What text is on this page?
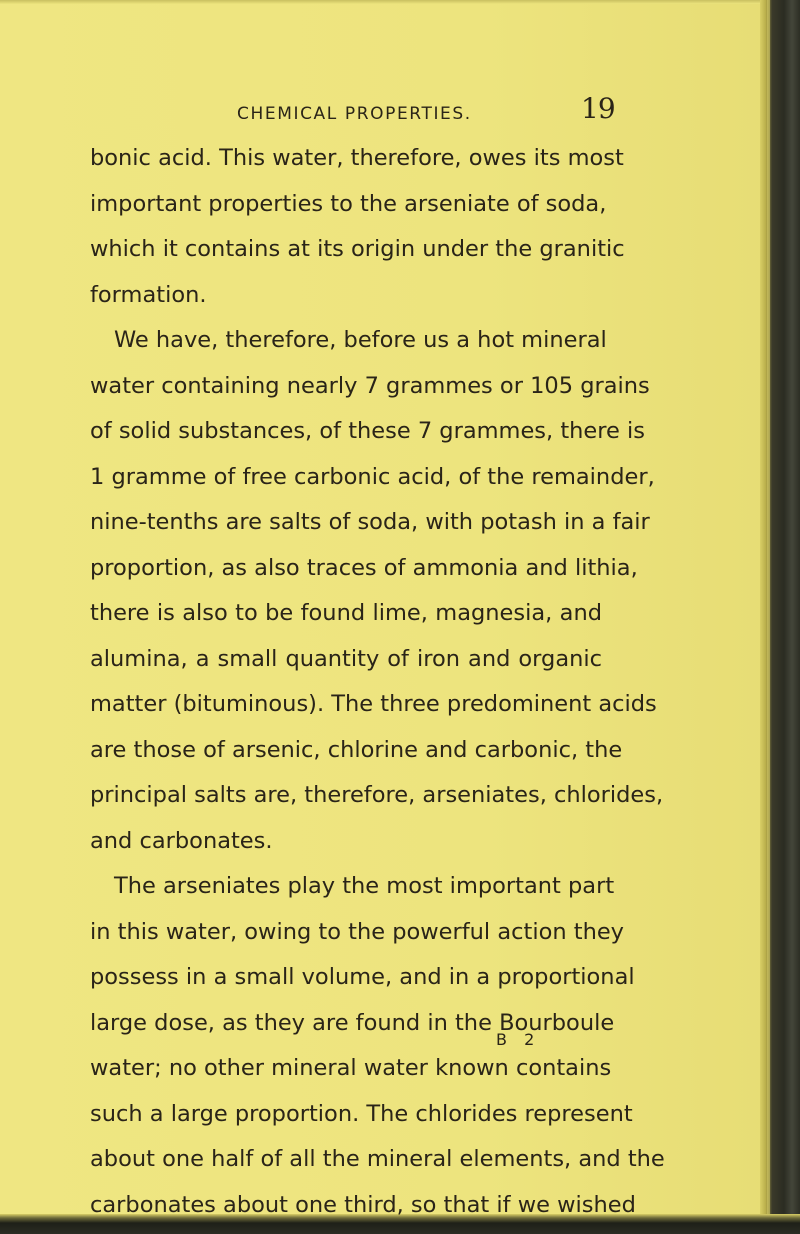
CHEMICAL PROPERTIES.	19
bonic acid. This water, therefore, owes its most
important properties to the arseniate of soda,
which it contains at its origin under the granitic
formation.
We have, therefore, before us a hot mineral
water containing nearly 7 grammes or 105 grains
of solid substances, of these 7 grammes, there is
1 gramme of free carbonic acid, of the remainder,
nine-tenths are salts of soda, with potash in a fair
proportion, as also traces of ammonia and lithia,
there is also to be found lime, magnesia, and
alumina, a small quantity of iron and organic
matter (bituminous). The three predominent acids
are those of arsenic, chlorine and carbonic, the
principal salts are, therefore, arseniates, chlorides,
and carbonates.
The arseniates play the most important part
in this water, owing to the powerful action they
possess in a small volume, and in a proportional
large dose, as they are found in the Bourboule
water; no other mineral water known contains
such a large proportion. The chlorides represent
about one half of all the mineral elements, and the
carbonates about one third, so that if we wished
B 2
